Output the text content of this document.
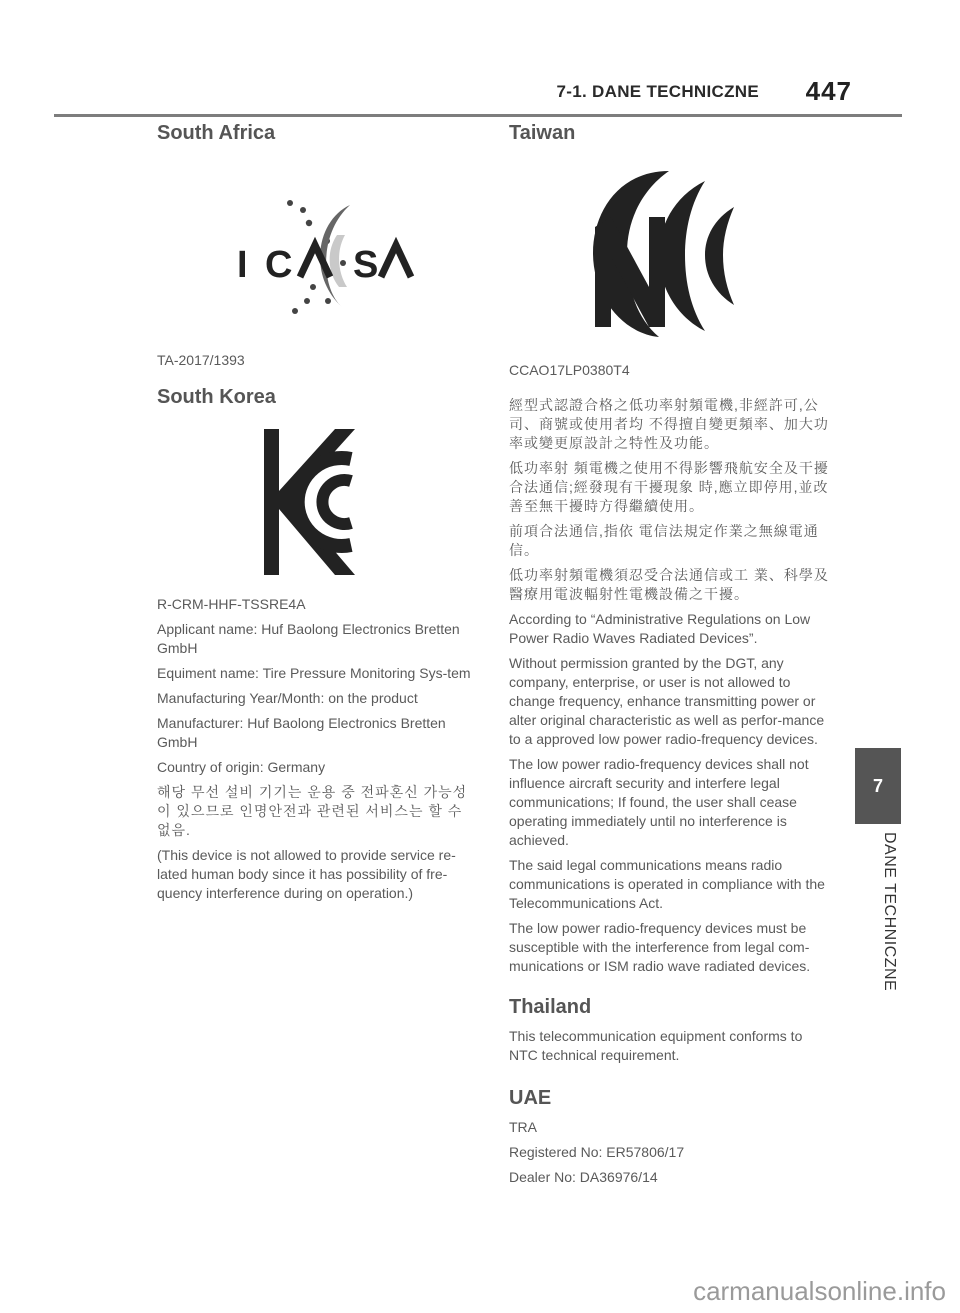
7-1. DANE TECHNICZNE 447
South Africa
I C S

TA-2017/1393

South Korea

R-CRM-HHF-TSSRE4A

Applicant name: Huf Baolong Electronics Bretten GmbH

Equiment name: Tire Pressure Monitoring Sys-tem

Manufacturing Year/Month: on the product

Manufacturer: Huf Baolong Electronics Bretten GmbH

Country of origin: Germany

해당 무선 설비 기기는 운용 중 전파혼신 가능성이 있으므로 인명안전과 관련된 서비스는 할 수 없음.

(This device is not allowed to provide service re-lated human body since it has possibility of fre-quency interference during on operation.)

Taiwan

CCAO17LP0380T4

經型式認證合格之低功率射頻電機,非經許可,公司、商號或使用者均 不得擅自變更頻率、加大功率或變更原設計之特性及功能。

低功率射 頻電機之使用不得影響飛航安全及干擾合法通信;經發現有干擾現象 時,應立即停用,並改善至無干擾時方得繼續使用。

前項合法通信,指依 電信法規定作業之無線電通信。

低功率射頻電機須忍受合法通信或工 業、科學及醫療用電波輻射性電機設備之干擾。

According to “Administrative Regulations on Low Power Radio Waves Radiated Devices”.

Without permission granted by the DGT, any company, enterprise, or user is not allowed to change frequency, enhance transmitting power or alter original characteristic as well as perfor-mance to a approved low power radio-frequency devices.

The low power radio-frequency devices shall not influence aircraft security and interfere legal communications; If found, the user shall cease operating immediately until no interference is achieved.

The said legal communications means radio communications is operated in compliance with the Telecommunications Act.

The low power radio-frequency devices must be susceptible with the interference from legal com-munications or ISM radio wave radiated devices.

Thailand

This telecommunication equipment conforms to NTC technical requirement.

UAE

TRA

Registered No: ER57806/17

Dealer No: DA36976/14

7
DANE TECHNICZNE
carmanualsonline.info
